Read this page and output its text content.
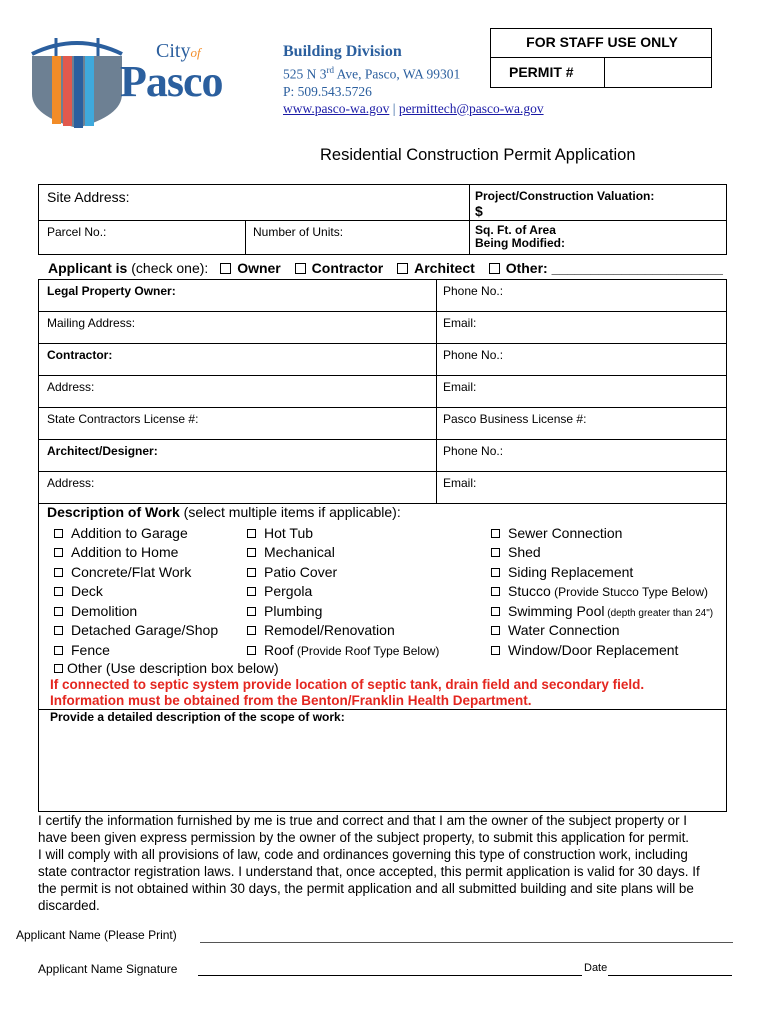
Cityof
Pasco
Building Division
525 N 3rd Ave, Pasco, WA 99301
P: 509.543.5726
www.pasco-wa.gov | permittech@pasco-wa.gov
FOR STAFF USE ONLY
PERMIT #
Residential Construction Permit Application
Site Address:	Project/Construction Valuation:
$
Parcel No.:	Number of Units:	Sq. Ft. of Area
Being Modified:
Applicant is (check one): Owner Contractor Architect Other: ______________________
Legal Property Owner:	Phone No.:
Mailing Address:	Email:
Contractor:	Phone No.:
Address:	Email:
State Contractors License #:	Pasco Business License #:
Architect/Designer:	Phone No.:
Address:	Email:
Description of Work (select multiple items if applicable):
Addition to Garage
Addition to Home
Concrete/Flat Work
Deck
Demolition
Detached Garage/Shop
Fence
Hot Tub
Mechanical
Patio Cover
Pergola
Plumbing
Remodel/Renovation
Roof (Provide Roof Type Below)
Sewer Connection
Shed
Siding Replacement
Stucco (Provide Stucco Type Below)
Swimming Pool (depth greater than 24")
Water Connection
Window/Door Replacement
Other (Use description box below)
If connected to septic system provide location of septic tank, drain field and secondary field.
Information must be obtained from the Benton/Franklin Health Department.
Provide a detailed description of the scope of work:
I certify the information furnished by me is true and correct and that I am the owner of the subject property or I
have been given express permission by the owner of the subject property, to submit this application for permit.
I will comply with all provisions of law, code and ordinances governing this type of construction work, including
state contractor registration laws. I understand that, once accepted, this permit application is valid for 30 days. If
the permit is not obtained within 30 days, the permit application and all submitted building and site plans will be
discarded.
Applicant Name (Please Print)
Applicant Name Signature	Date
